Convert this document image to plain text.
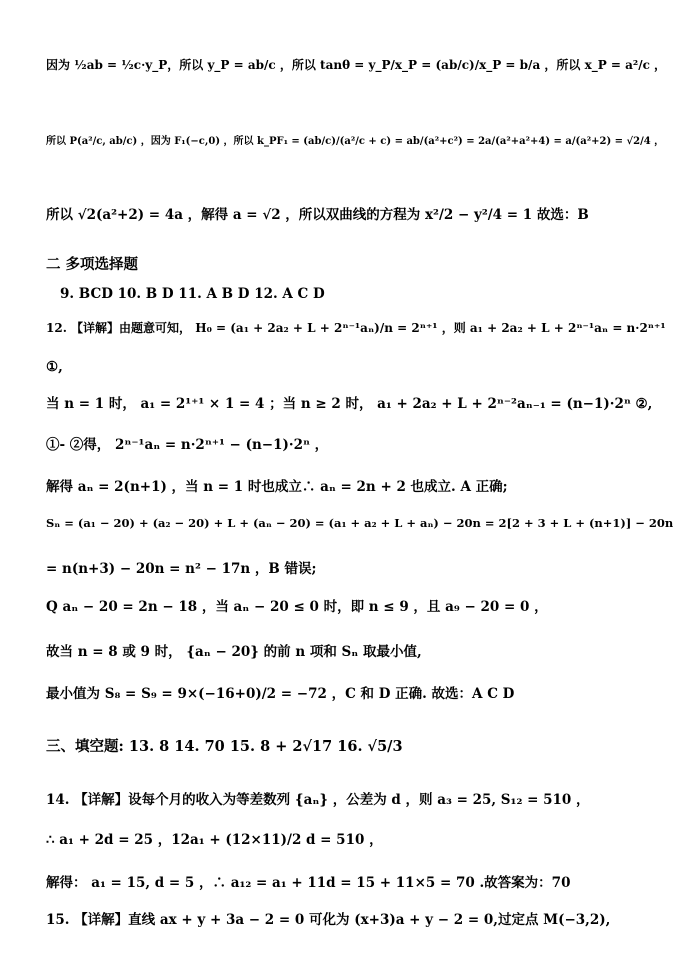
因为 ½ab = ½c·y_P，所以 y_P = ab/c ，所以 tanθ = y_P/x_P = (ab/c)/x_P = b/a ，所以 x_P = a²/c ，
所以 P(a²/c, ab/c) ，因为 F₁(−c,0) ，所以 k_PF₁ = (ab/c)/(a²/c + c) = ab/(a²+c²) = 2a/(a²+a²+4) = a/(a²+2) = √2/4 ，
所以 √2(a²+2) = 4a ，解得 a = √2 ，所以双曲线的方程为 x²/2 − y²/4 = 1 故选：B
二 多项选择题
9. BCD 10. B D 11. A B D 12. A C D
12. 【详解】由题意可知， H₀ = (a₁ + 2a₂ + L + 2ⁿ⁻¹aₙ)/n = 2ⁿ⁺¹ ，则 a₁ + 2a₂ + L + 2ⁿ⁻¹aₙ = n·2ⁿ⁺¹
①,
当 n = 1 时， a₁ = 2¹⁺¹ × 1 = 4 ；当 n ≥ 2 时， a₁ + 2a₂ + L + 2ⁿ⁻²aₙ₋₁ = (n−1)·2ⁿ ②,
①- ②得， 2ⁿ⁻¹aₙ = n·2ⁿ⁺¹ − (n−1)·2ⁿ ，
解得 aₙ = 2(n+1) ，当 n = 1 时也成立∴ aₙ = 2n + 2 也成立. A 正确;
Sₙ = (a₁ − 20) + (a₂ − 20) + L + (aₙ − 20) = (a₁ + a₂ + L + aₙ) − 20n = 2[2 + 3 + L + (n+1)] − 20n
= n(n+3) − 20n = n² − 17n ，B 错误;
Q aₙ − 20 = 2n − 18 ，当 aₙ − 20 ≤ 0 时，即 n ≤ 9 ，且 a₉ − 20 = 0 ，
故当 n = 8 或 9 时， {aₙ − 20} 的前 n 项和 Sₙ 取最小值,
最小值为 S₈ = S₉ = 9×(−16+0)/2 = −72 ，C 和 D 正确. 故选：A C D
三、填空题: 13. 8 14. 70 15. 8 + 2√17 16. √5/3
14. 【详解】设每个月的收入为等差数列 {aₙ} ，公差为 d ，则 a₃ = 25, S₁₂ = 510 ，
∴ a₁ + 2d = 25 ，12a₁ + (12×11)/2 d = 510 ，
解得： a₁ = 15, d = 5 ，∴ a₁₂ = a₁ + 11d = 15 + 11×5 = 70 .故答案为：70
15. 【详解】直线 ax + y + 3a − 2 = 0 可化为 (x+3)a + y − 2 = 0,过定点 M(−3,2),
